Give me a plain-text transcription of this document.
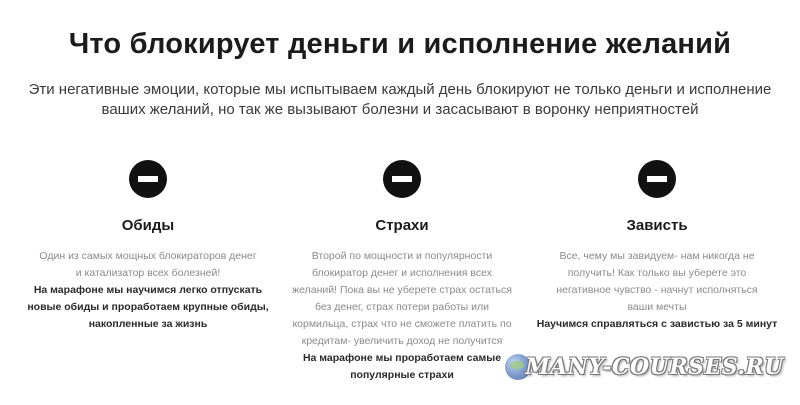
Что блокирует деньги и исполнение желаний
Эти негативные эмоции, которые мы испытываем каждый день блокируют не только деньги и исполнение
ваших желаний, но так же вызывают болезни и засасывают в воронку неприятностей
Обиды
Один из самых мощных блокираторов денег
и катализатор всех болезней!
На марафоне мы научимся легко отпускать
новые обиды и проработаем крупные обиды,
накопленные за жизнь
Страхи
Второй по мощности и популярности
блокиратор денег и исполнения всех
желаний! Пока вы не уберете страх остаться
без денег, страх потери работы или
кормильца, страх что не сможете платить по
кредитам- увеличить доход не получится
На марафоне мы проработаем самые
популярные страхи
Зависть
Все, чему мы завидуем- нам никогда не
получить! Как только вы уберете это
негативное чувство - начнут исполняться
ваши мечты
Научимся справляться с завистью за 5 минут
MANY-COURSES.RU
